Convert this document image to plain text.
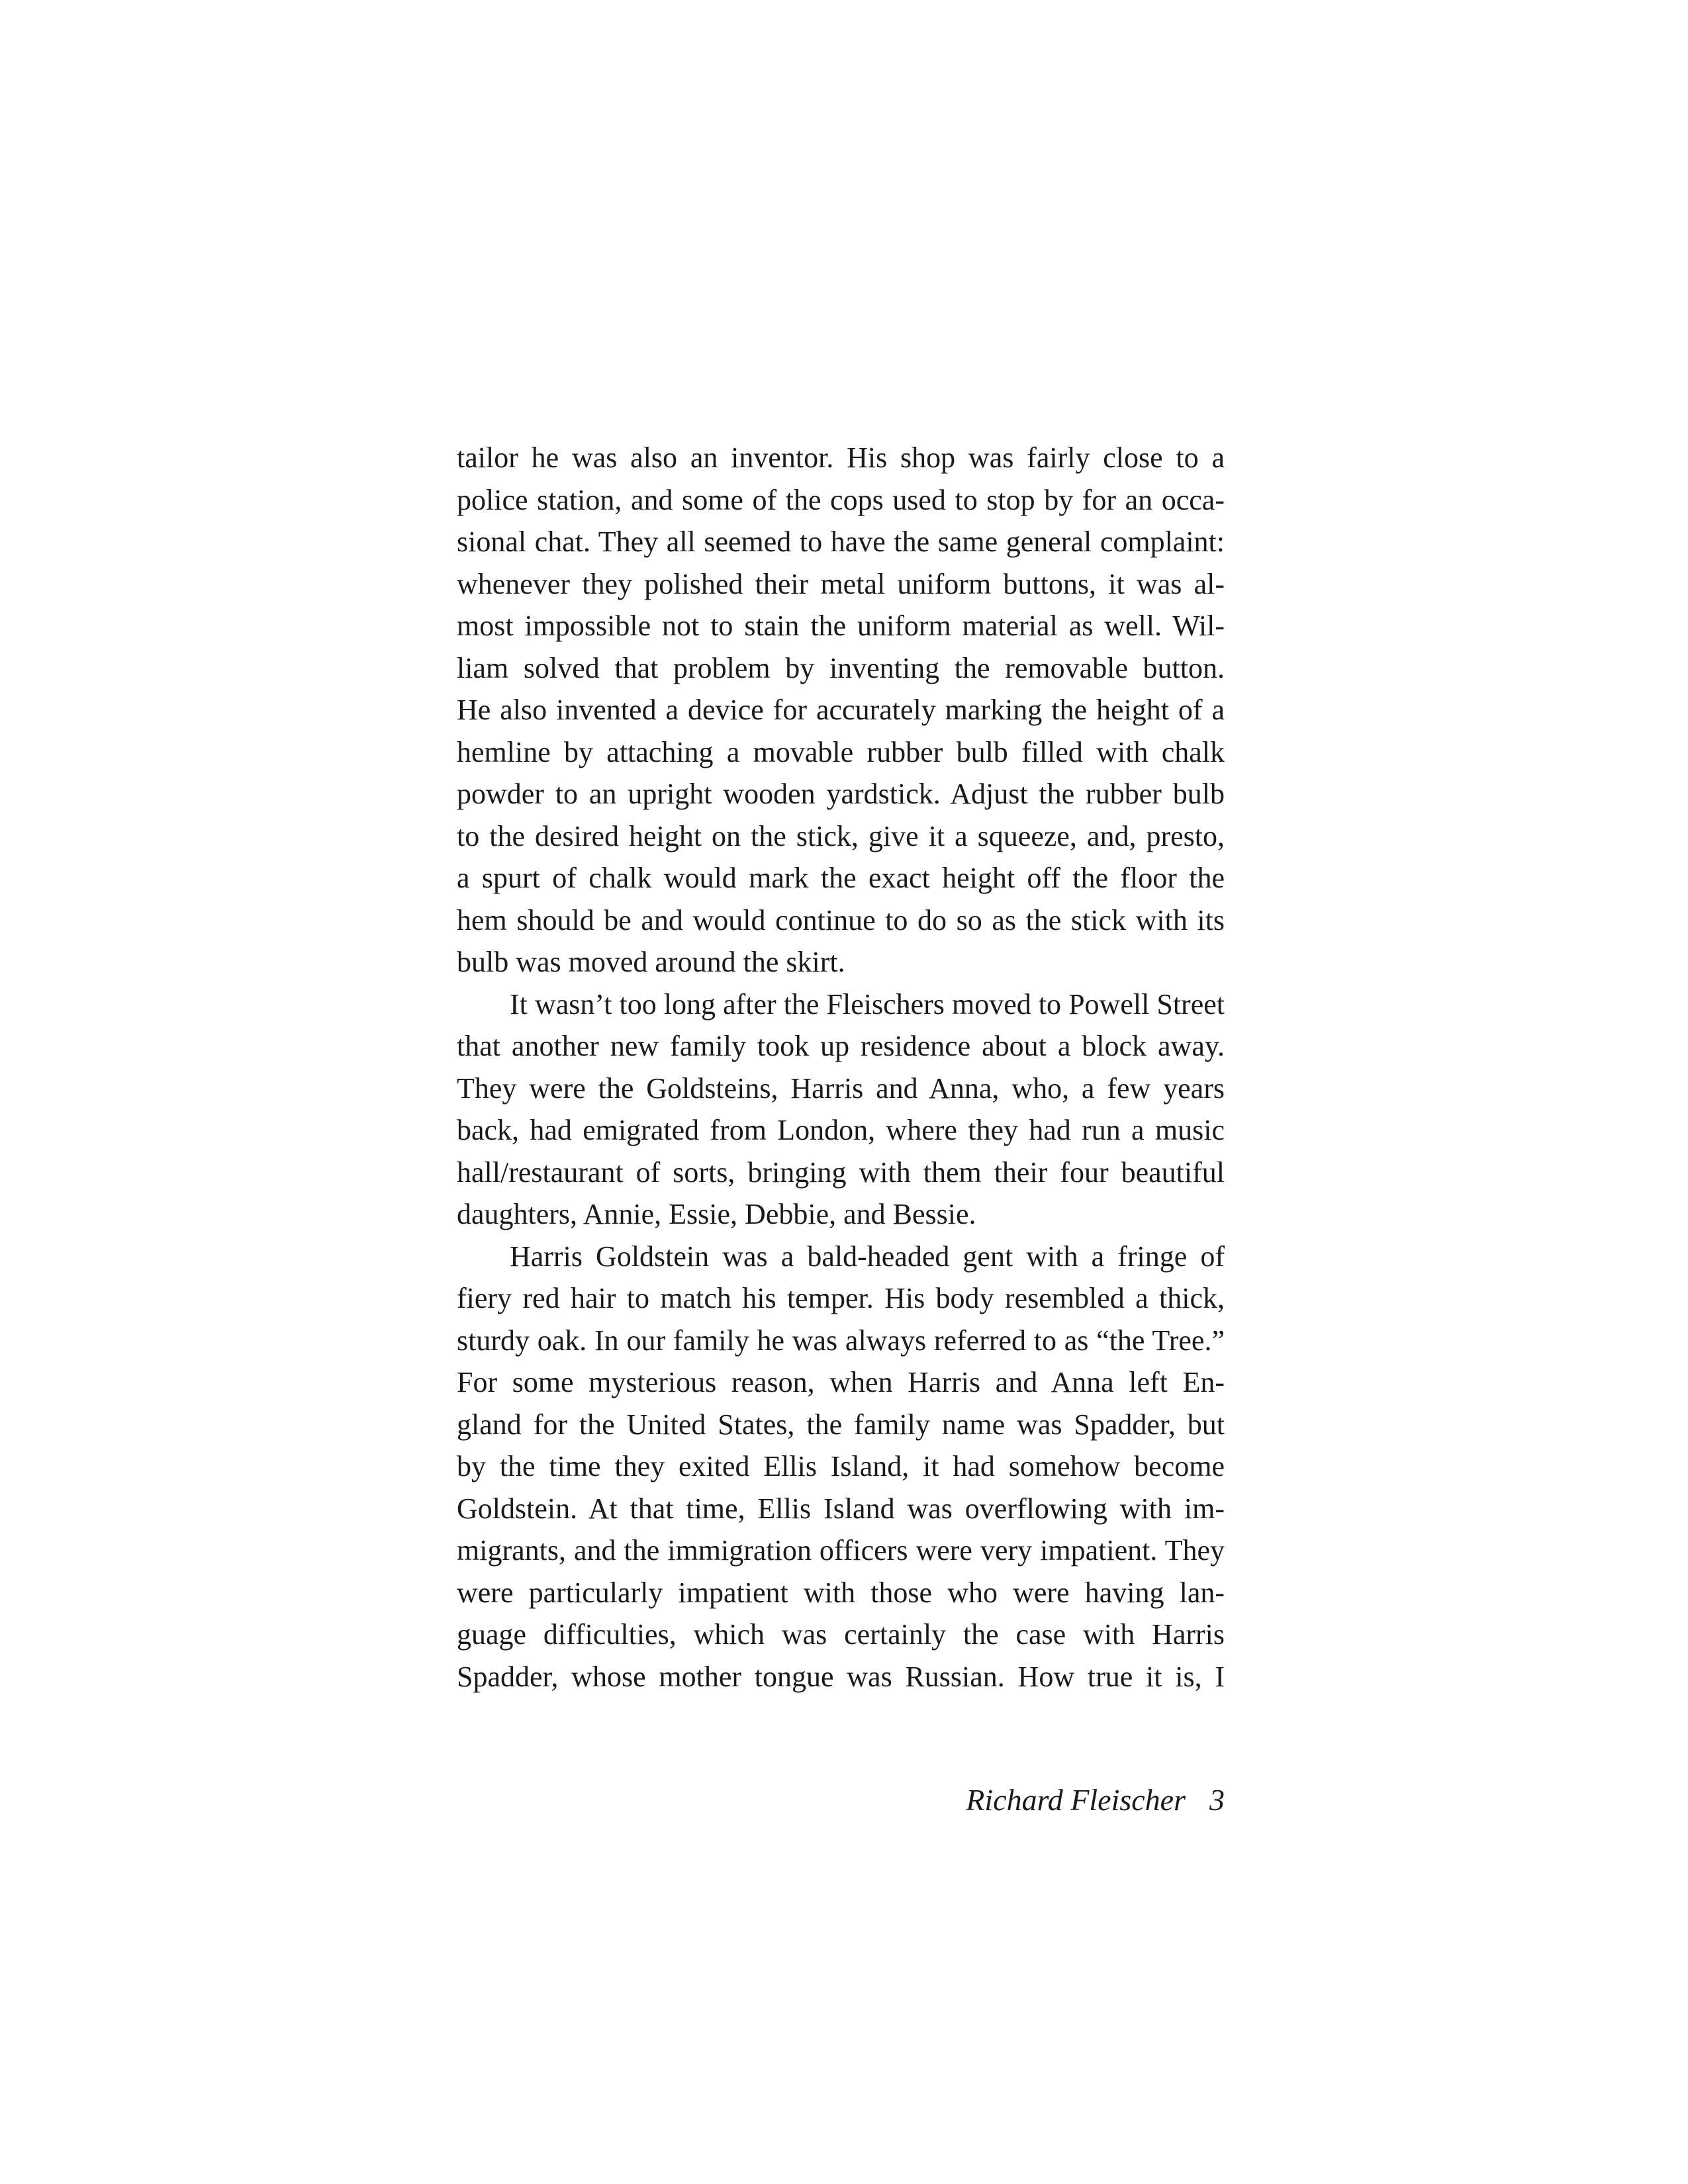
tailor he was also an inventor. His shop was fairly close to a
police station, and some of the cops used to stop by for an occa-
sional chat. They all seemed to have the same general complaint:
whenever they polished their metal uniform buttons, it was al-
most impossible not to stain the uniform material as well. Wil-
liam solved that problem by inventing the removable button.
He also invented a device for accurately marking the height of a
hemline by attaching a movable rubber bulb filled with chalk
powder to an upright wooden yardstick. Adjust the rubber bulb
to the desired height on the stick, give it a squeeze, and, presto,
a spurt of chalk would mark the exact height off the floor the
hem should be and would continue to do so as the stick with its
bulb was moved around the skirt.
It wasn’t too long after the Fleischers moved to Powell Street
that another new family took up residence about a block away.
They were the Goldsteins, Harris and Anna, who, a few years
back, had emigrated from London, where they had run a music
hall/restaurant of sorts, bringing with them their four beautiful
daughters, Annie, Essie, Debbie, and Bessie.
Harris Goldstein was a bald-headed gent with a fringe of
fiery red hair to match his temper. His body resembled a thick,
sturdy oak. In our family he was always referred to as “the Tree.”
For some mysterious reason, when Harris and Anna left En-
gland for the United States, the family name was Spadder, but
by the time they exited Ellis Island, it had somehow become
Goldstein. At that time, Ellis Island was overflowing with im-
migrants, and the immigration officers were very impatient. They
were particularly impatient with those who were having lan-
guage difficulties, which was certainly the case with Harris
Spadder, whose mother tongue was Russian. How true it is, I
Richard Fleischer 3
